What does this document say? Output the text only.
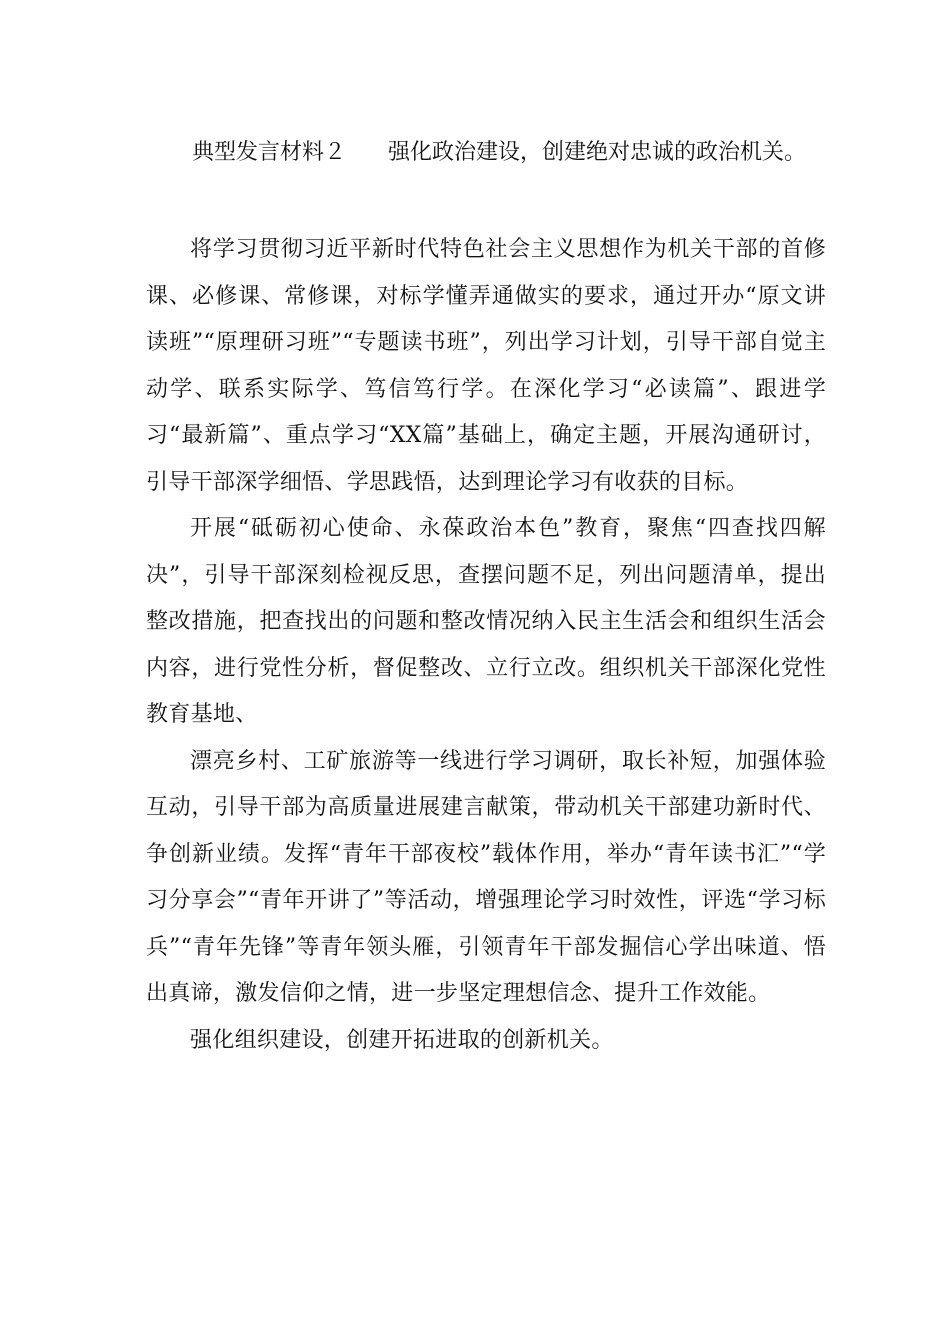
典型发言材料２ 强化政治建设，创建绝对忠诚的政治机关。

将学习贯彻习近平新时代特色社会主义思想作为机关干部的首修课、必修课、常修课，对标学懂弄通做实的要求，通过开办“原文讲读班”“原理研习班”“专题读书班”，列出学习计划，引导干部自觉主动学、联系实际学、笃信笃行学。在深化学习“必读篇”、跟进学习“最新篇”、重点学习“XX篇”基础上，确定主题，开展沟通研讨，引导干部深学细悟、学思践悟，达到理论学习有收获的目标。

开展“砥砺初心使命、永葆政治本色”教育，聚焦“四查找四解决”，引导干部深刻检视反思，查摆问题不足，列出问题清单，提出整改措施，把查找出的问题和整改情况纳入民主生活会和组织生活会内容，进行党性分析，督促整改、立行立改。组织机关干部深化党性教育基地、

漂亮乡村、工矿旅游等一线进行学习调研，取长补短，加强体验互动，引导干部为高质量进展建言献策，带动机关干部建功新时代、争创新业绩。发挥“青年干部夜校”载体作用，举办“青年读书汇”“学习分享会”“青年开讲了”等活动，增强理论学习时效性，评选“学习标兵”“青年先锋”等青年领头雁，引领青年干部发掘信心学出味道、悟出真谛，激发信仰之情，进一步坚定理想信念、提升工作效能。

强化组织建设，创建开拓进取的创新机关。
